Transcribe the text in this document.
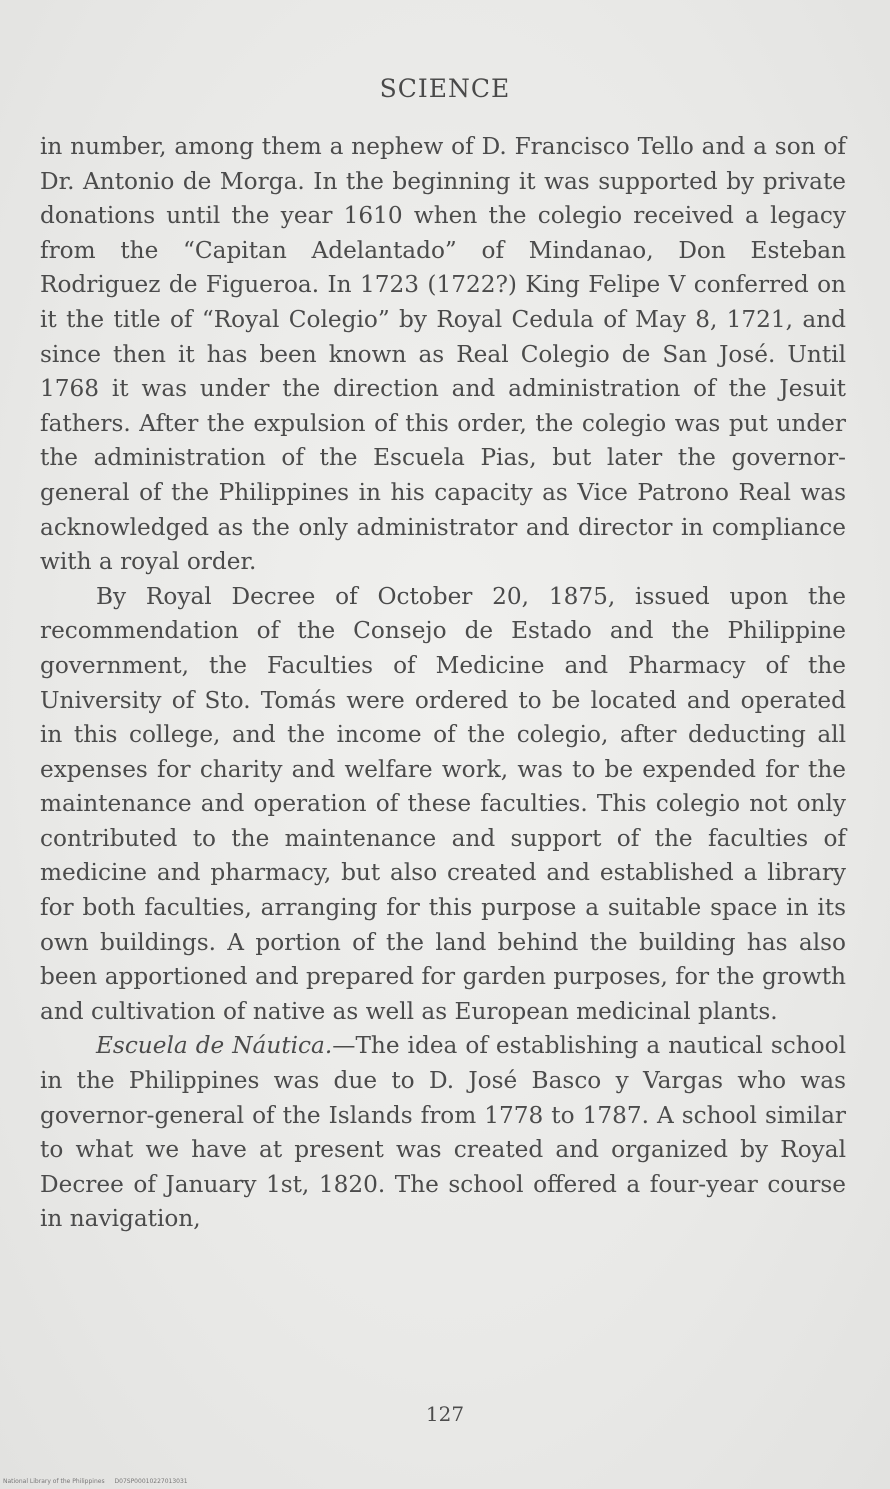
SCIENCE

in number, among them a nephew of D. Francisco Tello and a son of Dr. Antonio de Morga. In the beginning it was supported by private donations until the year 1610 when the colegio received a legacy from the “Capitan Adelantado” of Mindanao, Don Esteban Rodriguez de Figueroa. In 1723 (1722?) King Felipe V conferred on it the title of “Royal Colegio” by Royal Cedula of May 8, 1721, and since then it has been known as Real Colegio de San José. Until 1768 it was under the direction and administration of the Jesuit fathers. After the expulsion of this order, the colegio was put under the administration of the Escuela Pias, but later the governor-general of the Philippines in his capacity as Vice Patrono Real was acknowledged as the only administrator and director in compliance with a royal order.

By Royal Decree of October 20, 1875, issued upon the recommendation of the Consejo de Estado and the Philippine government, the Faculties of Medicine and Pharmacy of the University of Sto. Tomás were ordered to be located and operated in this college, and the income of the colegio, after deducting all expenses for charity and welfare work, was to be expended for the maintenance and operation of these faculties. This colegio not only contributed to the maintenance and support of the faculties of medicine and pharmacy, but also created and established a library for both faculties, arranging for this purpose a suitable space in its own buildings. A portion of the land behind the building has also been apportioned and prepared for garden purposes, for the growth and cultivation of native as well as European medicinal plants.

Escuela de Náutica.—The idea of establishing a nautical school in the Philippines was due to D. José Basco y Vargas who was governor-general of the Islands from 1778 to 1787. A school similar to what we have at present was created and organized by Royal Decree of January 1st, 1820. The school offered a four-year course in navigation,

127
National Library of the Philippines D07SP00010227013031
